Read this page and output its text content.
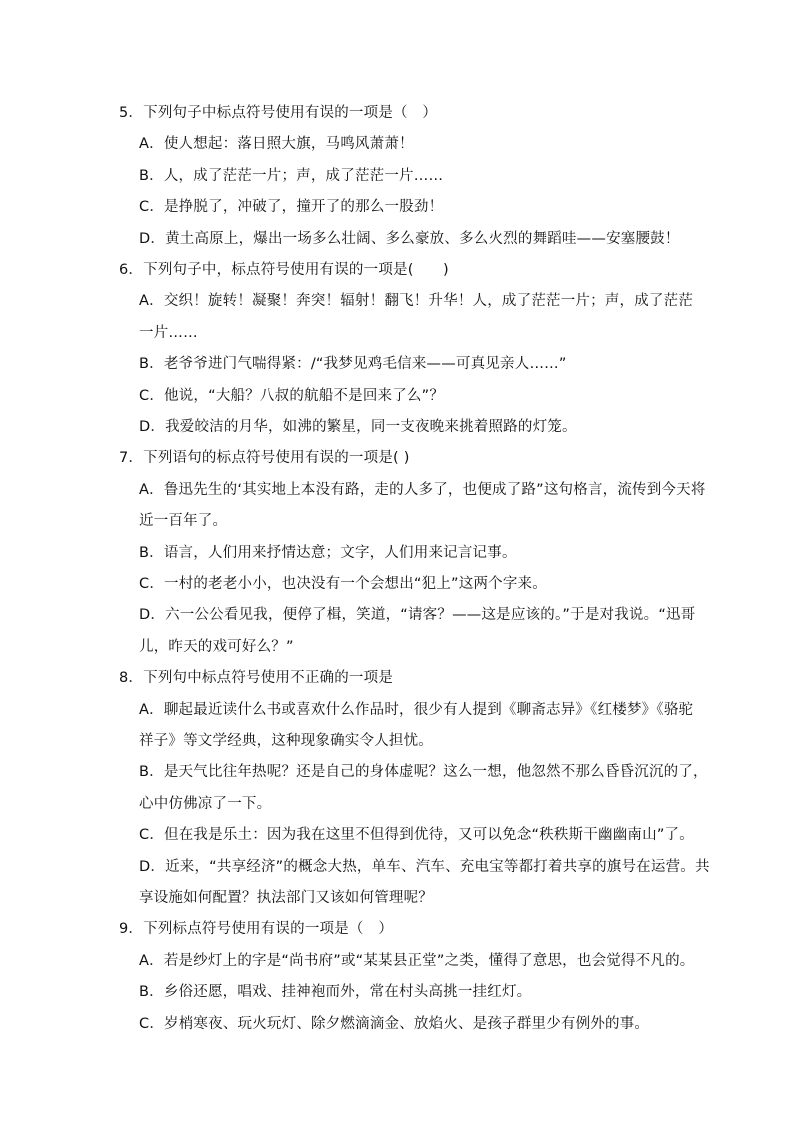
5．下列句子中标点符号使用有误的一项是（　）
A．使人想起：落日照大旗，马鸣风萧萧！
B．人，成了茫茫一片；声，成了茫茫一片……
C．是挣脱了，冲破了，撞开了的那么一股劲！
D．黄土高原上，爆出一场多么壮阔、多么豪放、多么火烈的舞蹈哇——安塞腰鼓！
6．下列句子中，标点符号使用有误的一项是(　　)
A．交织！旋转！凝聚！奔突！辐射！翻飞！升华！人，成了茫茫一片；声，成了茫茫
一片……
B．老爷爷进门气喘得紧：/“我梦见鸡毛信来——可真见亲人……”
C．他说，“大船？八叔的航船不是回来了么”？
D．我爱皎洁的月华，如沸的繁星，同一支夜晚来挑着照路的灯笼。
7．下列语句的标点符号使用有误的一项是( )
A．鲁迅先生的‘其实地上本没有路，走的人多了，也便成了路”这句格言，流传到今天将
近一百年了。
B．语言，人们用来抒情达意；文字，人们用来记言记事。
C．一村的老老小小，也决没有一个会想出“犯上”这两个字来。
D．六一公公看见我，便停了楫，笑道，“请客？——这是应该的。”于是对我说。“迅哥
儿，昨天的戏可好么？”
8．下列句中标点符号使用不正确的一项是
A．聊起最近读什么书或喜欢什么作品时，很少有人提到《聊斋志异》《红楼梦》《骆驼
祥子》等文学经典，这种现象确实令人担忧。
B．是天气比往年热呢？还是自己的身体虚呢？这么一想，他忽然不那么昏昏沉沉的了，
心中仿佛凉了一下。
C．但在我是乐土：因为我在这里不但得到优待，又可以免念“秩秩斯干幽幽南山”了。
D．近来，“共享经济”的概念大热，单车、汽车、充电宝等都打着共享的旗号在运营。共
享设施如何配置？执法部门又该如何管理呢？
9．下列标点符号使用有误的一项是（　）
A．若是纱灯上的字是“尚书府”或“某某县正堂”之类，懂得了意思，也会觉得不凡的。
B．乡俗还愿，唱戏、挂神袍而外，常在村头高挑一挂红灯。
C．岁梢寒夜、玩火玩灯、除夕燃滴滴金、放焰火、是孩子群里少有例外的事。
